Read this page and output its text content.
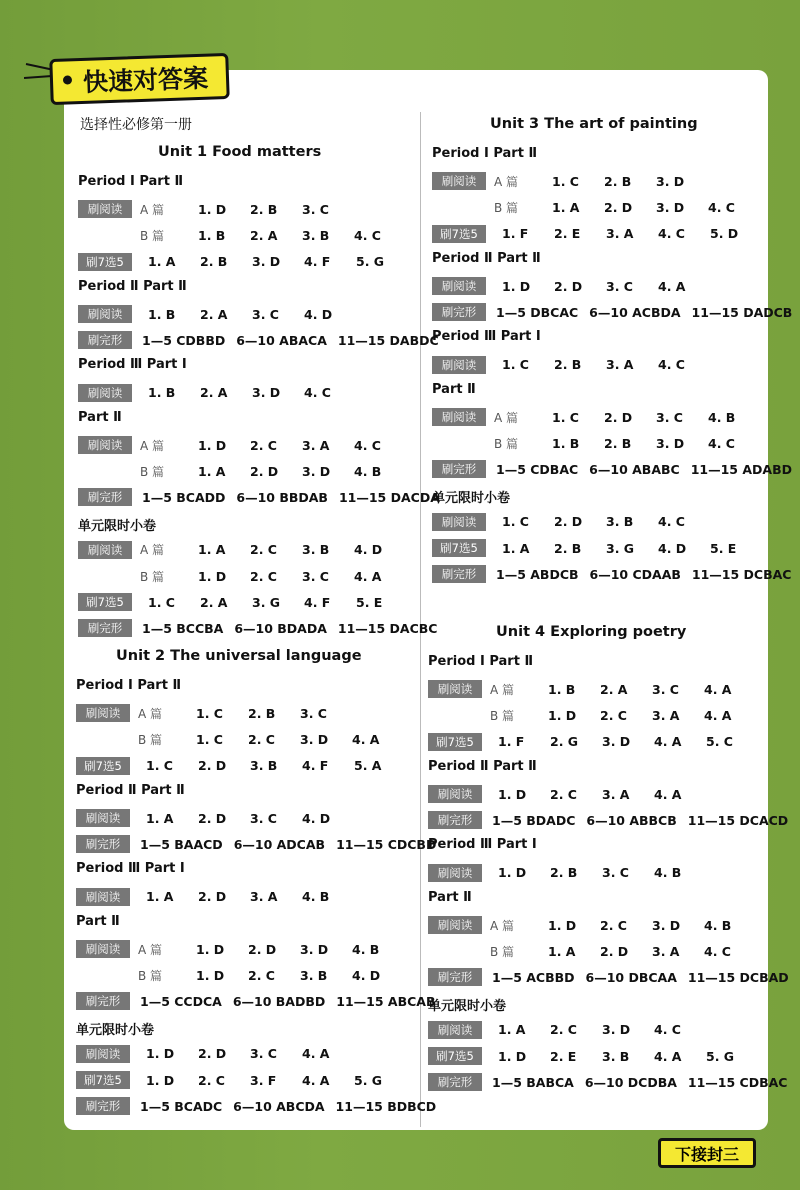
快速对答案
选择性必修第一册
Unit 1 Food matters
Period Ⅰ Part Ⅱ
刷阅读	A 篇	1. D	2. B	3. C
B 篇	1. B	2. A	3. B	4. C
刷7选5	1. A	2. B	3. D	4. F	5. G
Period Ⅱ Part Ⅱ
刷阅读	1. B	2. A	3. C	4. D
刷完形	1—5 CDBBD 6—10 ABACA 11—15 DABDC
Period Ⅲ Part Ⅰ
刷阅读	1. B	2. A	3. D	4. C
Part Ⅱ
刷阅读	A 篇	1. D	2. C	3. A	4. C
B 篇	1. A	2. D	3. D	4. B
刷完形	1—5 BCADD 6—10 BBDAB 11—15 DACDA
单元限时小卷
刷阅读	A 篇	1. A	2. C	3. B	4. D
B 篇	1. D	2. C	3. C	4. A
刷7选5	1. C	2. A	3. G	4. F	5. E
刷完形	1—5 BCCBA 6—10 BDADA 11—15 DACBC
Unit 2 The universal language
Period Ⅰ Part Ⅱ
刷阅读	A 篇	1. C	2. B	3. C
B 篇	1. C	2. C	3. D	4. A
刷7选5	1. C	2. D	3. B	4. F	5. A
Period Ⅱ Part Ⅱ
刷阅读	1. A	2. D	3. C	4. D
刷完形	1—5 BAACD 6—10 ADCAB 11—15 CDCBD
Period Ⅲ Part Ⅰ
刷阅读	1. A	2. D	3. A	4. B
Part Ⅱ
刷阅读	A 篇	1. D	2. D	3. D	4. B
B 篇	1. D	2. C	3. B	4. D
刷完形	1—5 CCDCA 6—10 BADBD 11—15 ABCAB
单元限时小卷
刷阅读	1. D	2. D	3. C	4. A
刷7选5	1. D	2. C	3. F	4. A	5. G
刷完形	1—5 BCADC 6—10 ABCDA 11—15 BDBCD
Unit 3 The art of painting
Period Ⅰ Part Ⅱ
刷阅读	A 篇	1. C	2. B	3. D
B 篇	1. A	2. D	3. D	4. C
刷7选5	1. F	2. E	3. A	4. C	5. D
Period Ⅱ Part Ⅱ
刷阅读	1. D	2. D	3. C	4. A
刷完形	1—5 DBCAC 6—10 ACBDA 11—15 DADCB
Period Ⅲ Part Ⅰ
刷阅读	1. C	2. B	3. A	4. C
Part Ⅱ
刷阅读	A 篇	1. C	2. D	3. C	4. B
B 篇	1. B	2. B	3. D	4. C
刷完形	1—5 CDBAC 6—10 ABABC 11—15 ADABD
单元限时小卷
刷阅读	1. C	2. D	3. B	4. C
刷7选5	1. A	2. B	3. G	4. D	5. E
刷完形	1—5 ABDCB 6—10 CDAAB 11—15 DCBAC
Unit 4 Exploring poetry
Period Ⅰ Part Ⅱ
刷阅读	A 篇	1. B	2. A	3. C	4. A
B 篇	1. D	2. C	3. A	4. A
刷7选5	1. F	2. G	3. D	4. A	5. C
Period Ⅱ Part Ⅱ
刷阅读	1. D	2. C	3. A	4. A
刷完形	1—5 BDADC 6—10 ABBCB 11—15 DCACD
Period Ⅲ Part Ⅰ
刷阅读	1. D	2. B	3. C	4. B
Part Ⅱ
刷阅读	A 篇	1. D	2. C	3. D	4. B
B 篇	1. A	2. D	3. A	4. C
刷完形	1—5 ACBBD 6—10 DBCAA 11—15 DCBAD
单元限时小卷
刷阅读	1. A	2. C	3. D	4. C
刷7选5	1. D	2. E	3. B	4. A	5. G
刷完形	1—5 BABCA 6—10 DCDBA 11—15 CDBAC
下接封三
